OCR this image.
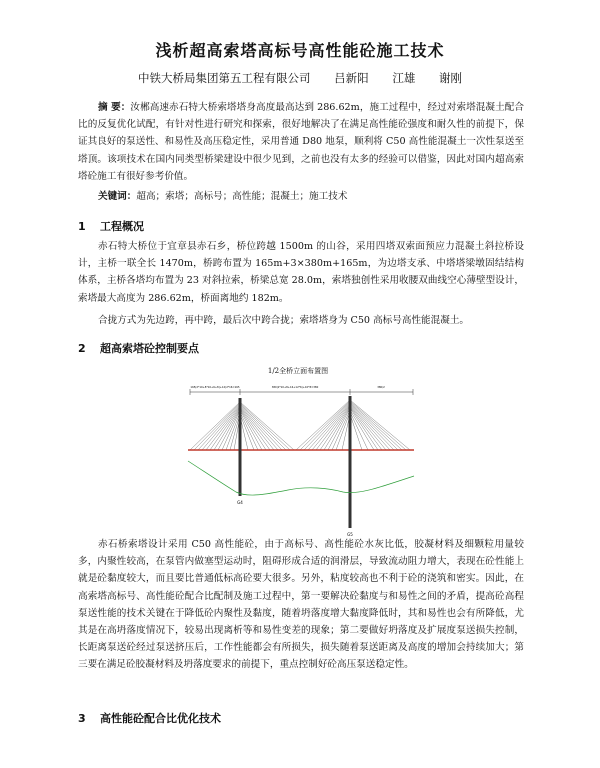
浅析超高索塔高标号高性能砼施工技术
中铁大桥局集团第五工程有限公司 吕新阳 江雄 谢刚
摘 要：汝郴高速赤石特大桥索塔塔身高度最高达到 286.62m，施工过程中，经过对索塔混凝土配合比的反复优化试配，有针对性进行研究和探索，很好地解决了在满足高性能砼强度和耐久性的前提下，保证其良好的泵送性、和易性及高压稳定性，采用普通 D80 地泵，顺利将 C50 高性能混凝土一次性泵送至塔顶。该项技术在国内同类型桥梁建设中很少见到，之前也没有太多的经验可以借鉴，因此对国内超高索塔砼施工有很好参考价值。
关键词：超高；索塔；高标号；高性能；混凝土；施工技术
1 工程概况
赤石特大桥位于宜章县赤石乡，桥位跨越 1500m 的山谷，采用四塔双索面预应力混凝土斜拉桥设计，主桥一联全长 1470m，桥跨布置为 165m+3×380m+165m，为边塔支承、中塔塔梁墩固结结构体系，主桥各塔均布置为 23 对斜拉索，桥梁总宽 28.0m，索塔独创性采用收腰双曲线空心薄壁型设计，索塔最大高度为 286.62m，桥面离地约 182m。
合拢方式为先边跨，再中跨，最后次中跨合拢；索塔塔身为 C50 高标号高性能混凝土。
2 超高索塔砼控制要点
1/2全桥立面布置图
165(2*10+8*10+6+8)+12(2*16=165	380(2*10+8+16+12*6)+10*8=380	380/2
G4
G5
赤石桥索塔设计采用 C50 高性能砼，由于高标号、高性能砼水灰比低，胶凝材料及细颗粒用量较多，内聚性较高，在泵管内做塞型运动时，阻碍形成合适的润滑层，导致流动阻力增大，表现在砼性能上就是砼黏度较大，而且要比普通低标高砼要大很多。另外，粘度较高也不利于砼的浇筑和密实。因此，在高索塔高标号、高性能砼配合比配制及施工过程中，第一要解决砼黏度与和易性之间的矛盾，提高砼高程泵送性能的技术关键在于降低砼内聚性及黏度，随着坍落度增大黏度降低时，其和易性也会有所降低，尤其是在高坍落度情况下，较易出现离析等和易性变差的现象；第二要做好坍落度及扩展度泵送损失控制，长距离泵送砼经过泵送挤压后，工作性能都会有所损失，损失随着泵送距离及高度的增加会持续加大；第三要在满足砼胶凝材料及坍落度要求的前提下，重点控制好砼高压泵送稳定性。
3 高性能砼配合比优化技术
